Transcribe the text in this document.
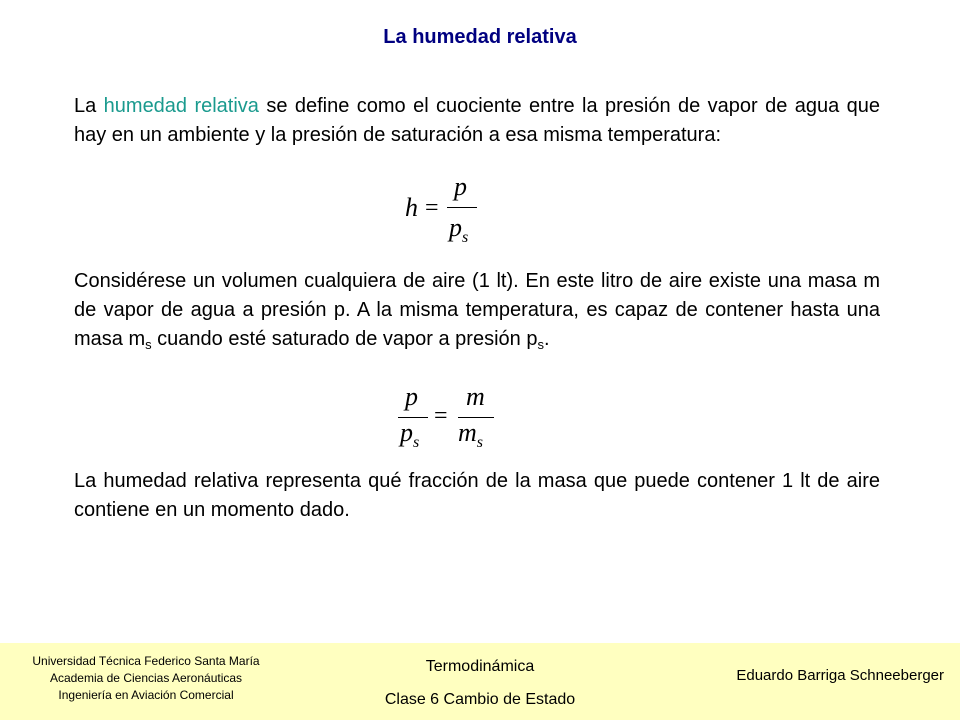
La humedad relativa
La humedad relativa se define como el cuociente entre la presión de vapor de agua que hay en un ambiente y la presión de saturación a esa misma temperatura:
h =
p
$p_s$
Considérese un volumen cualquiera de aire (1 lt). En este litro de aire existe una masa m de vapor de agua a presión p. A la misma temperatura, es capaz de contener hasta una masa $m_s$ cuando esté saturado de vapor a presión $p_s$.
p
$p_s$
=
m
$m_s$
La humedad relativa representa qué fracción de la masa que puede contener 1 lt de aire contiene en un momento dado.
Universidad Técnica Federico Santa María
Academia de Ciencias Aeronáuticas
Ingeniería en Aviación Comercial
Termodinámica
Clase 6 Cambio de Estado
Eduardo Barriga Schneeberger
